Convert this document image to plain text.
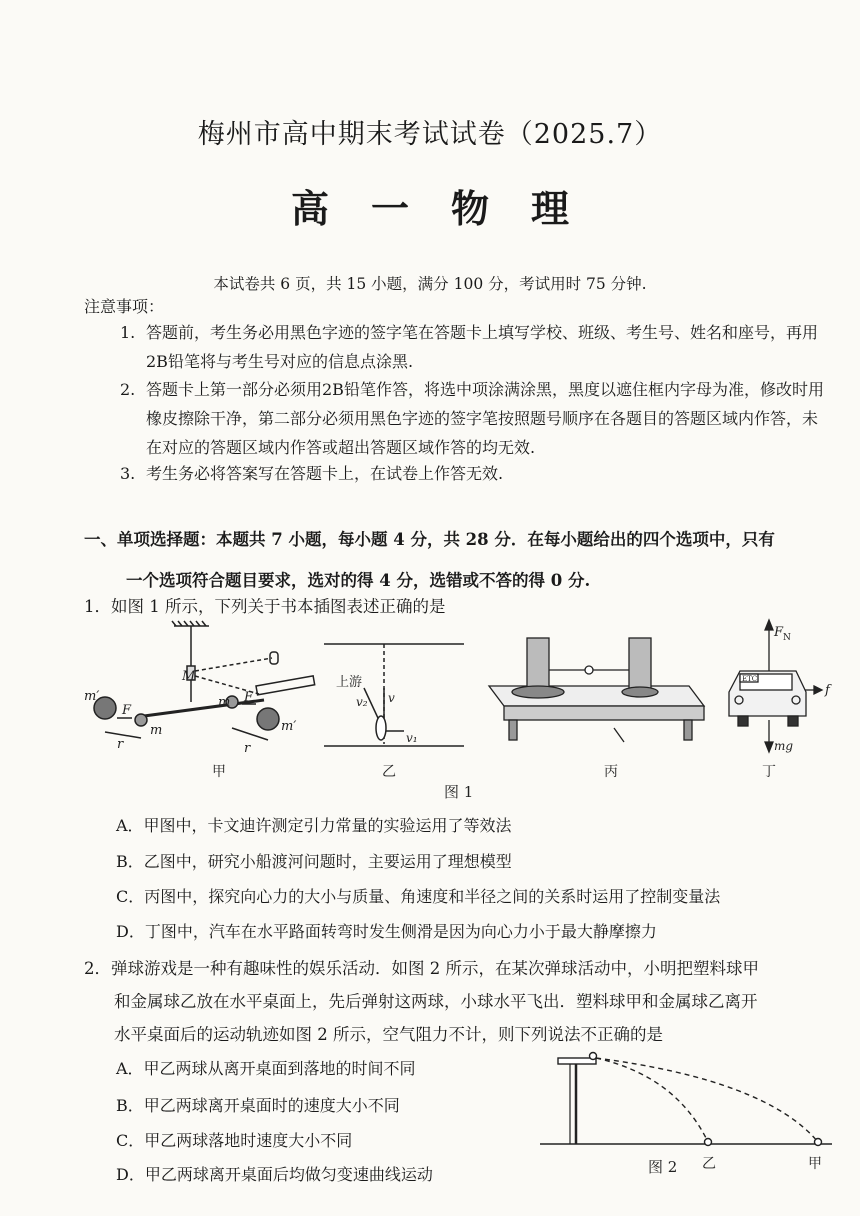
梅州市高中期末考试试卷（2025.7）
高一物理
本试卷共 6 页，共 15 小题，满分 100 分，考试用时 75 分钟.
注意事项：
1. 答题前，考生务必用黑色字迹的签字笔在答题卡上填写学校、班级、考生号、姓名和座号，再用2B铅笔将与考生号对应的信息点涂黑.
2. 答题卡上第一部分必须用2B铅笔作答，将选中项涂满涂黑，黑度以遮住框内字母为准，修改时用橡皮擦除干净，第二部分必须用黑色字迹的签字笔按照题号顺序在各题目的答题区域内作答，未在对应的答题区域内作答或超出答题区域作答的均无效.
3. 考生务必将答案写在答题卡上，在试卷上作答无效.
一、单项选择题：本题共 7 小题，每小题 4 分，共 28 分．在每小题给出的四个选项中，只有
一个选项符合题目要求，选对的得 4 分，选错或不答的得 0 分.
1．如图 1 所示，下列关于书本插图表述正确的是
M
m′
m′
F
F
m
m
r	r
甲
上游
v₂ v
v₁
乙	丙
ETC
F N
f
mg
丁
图 1
A．甲图中，卡文迪许测定引力常量的实验运用了等效法
B．乙图中，研究小船渡河问题时，主要运用了理想模型
C．丙图中，探究向心力的大小与质量、角速度和半径之间的关系时运用了控制变量法
D．丁图中，汽车在水平路面转弯时发生侧滑是因为向心力小于最大静摩擦力
2．弹球游戏是一种有趣味性的娱乐活动．如图 2 所示，在某次弹球活动中，小明把塑料球甲
和金属球乙放在水平桌面上，先后弹射这两球，小球水平飞出．塑料球甲和金属球乙离开
水平桌面后的运动轨迹如图 2 所示，空气阻力不计，则下列说法不正确的是
A．甲乙两球从离开桌面到落地的时间不同
B．甲乙两球离开桌面时的速度大小不同
C．甲乙两球落地时速度大小不同
D．甲乙两球离开桌面后均做匀变速曲线运动	图 2 乙	甲
